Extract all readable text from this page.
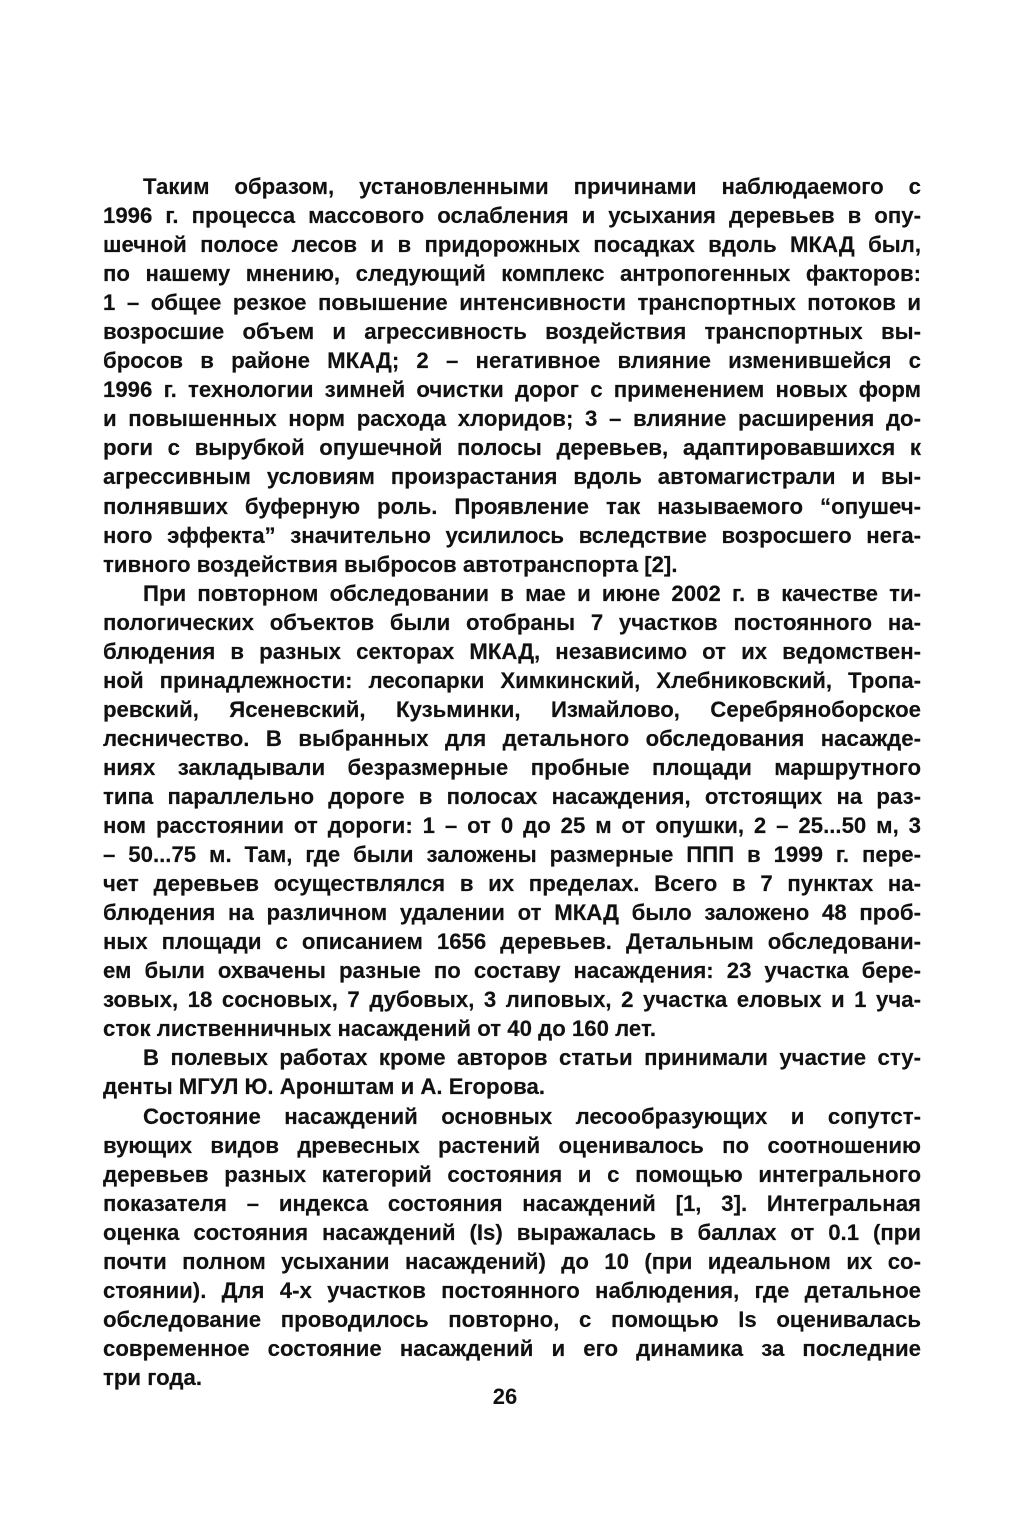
Таким образом, установленными причинами наблюдаемого с
1996 г. процесса массового ослабления и усыхания деревьев в опу-
шечной полосе лесов и в придорожных посадках вдоль МКАД был,
по нашему мнению, следующий комплекс антропогенных факторов:
1 – общее резкое повышение интенсивности транспортных потоков и
возросшие объем и агрессивность воздействия транспортных вы-
бросов в районе МКАД; 2 – негативное влияние изменившейся с
1996 г. технологии зимней очистки дорог с применением новых форм
и повышенных норм расхода хлоридов; 3 – влияние расширения до-
роги с вырубкой опушечной полосы деревьев, адаптировавшихся к
агрессивным условиям произрастания вдоль автомагистрали и вы-
полнявших буферную роль. Проявление так называемого “опушеч-
ного эффекта” значительно усилилось вследствие возросшего нега-
тивного воздействия выбросов автотранспорта [2].
При повторном обследовании в мае и июне 2002 г. в качестве ти-
пологических объектов были отобраны 7 участков постоянного на-
блюдения в разных секторах МКАД, независимо от их ведомствен-
ной принадлежности: лесопарки Химкинский, Хлебниковский, Тропа-
ревский, Ясеневский, Кузьминки, Измайлово, Серебряноборское
лесничество. В выбранных для детального обследования насажде-
ниях закладывали безразмерные пробные площади маршрутного
типа параллельно дороге в полосах насаждения, отстоящих на раз-
ном расстоянии от дороги: 1 – от 0 до 25 м от опушки, 2 – 25...50 м, 3
– 50...75 м. Там, где были заложены размерные ППП в 1999 г. пере-
чет деревьев осуществлялся в их пределах. Всего в 7 пунктах на-
блюдения на различном удалении от МКАД было заложено 48 проб-
ных площади с описанием 1656 деревьев. Детальным обследовани-
ем были охвачены разные по составу насаждения: 23 участка бере-
зовых, 18 сосновых, 7 дубовых, 3 липовых, 2 участка еловых и 1 уча-
сток лиственничных насаждений от 40 до 160 лет.
В полевых работах кроме авторов статьи принимали участие сту-
денты МГУЛ Ю. Аронштам и А. Егорова.
Состояние насаждений основных лесообразующих и сопутст-
вующих видов древесных растений оценивалось по соотношению
деревьев разных категорий состояния и с помощью интегрального
показателя – индекса состояния насаждений [1, 3]. Интегральная
оценка состояния насаждений (Is) выражалась в баллах от 0.1 (при
почти полном усыхании насаждений) до 10 (при идеальном их со-
стоянии). Для 4-х участков постоянного наблюдения, где детальное
обследование проводилось повторно, с помощью Is оценивалась
современное состояние насаждений и его динамика за последние
три года.
26
